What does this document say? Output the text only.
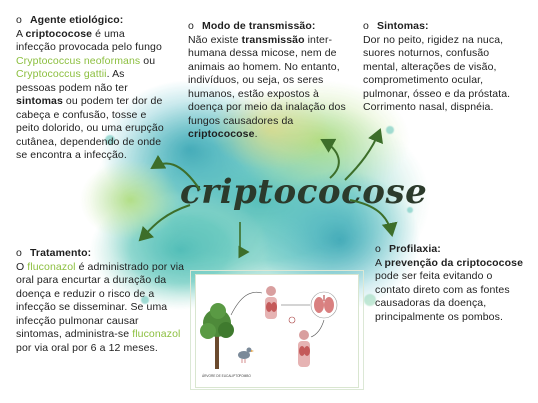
o Agente etiológico:
A criptococose é uma infecção provocada pelo fungo Cryptococcus neoformans ou Cryptococcus gattii. As pessoas podem não ter sintomas ou podem ter dor de cabeça e confusão, tosse e peito dolorido, ou uma erupção cutânea, dependendo de onde se encontra a infecção.
o Modo de transmissão:
Não existe transmissão inter-humana dessa micose, nem de animais ao homem. No entanto, indivíduos, ou seja, os seres humanos, estão expostos à doença por meio da inalação dos fungos causadores da criptococose.
o Sintomas:
Dor no peito, rigidez na nuca, suores noturnos, confusão mental, alterações de visão, comprometimento ocular, pulmonar, ósseo e da próstata. Corrimento nasal, dispnéia.
criptococose
o Tratamento:
O fluconazol é administrado por via oral para encurtar a duração da doença e reduzir o risco de a infecção se disseminar. Se uma infecção pulmonar causar sintomas, administra-se fluconazol por via oral por 6 a 12 meses.
o Profilaxia:
A prevenção da criptococose pode ser feita evitando o contato direto com as fontes causadoras da doença, principalmente os pombos.
ÁRVORE DE EUCALIPTO POMBO
